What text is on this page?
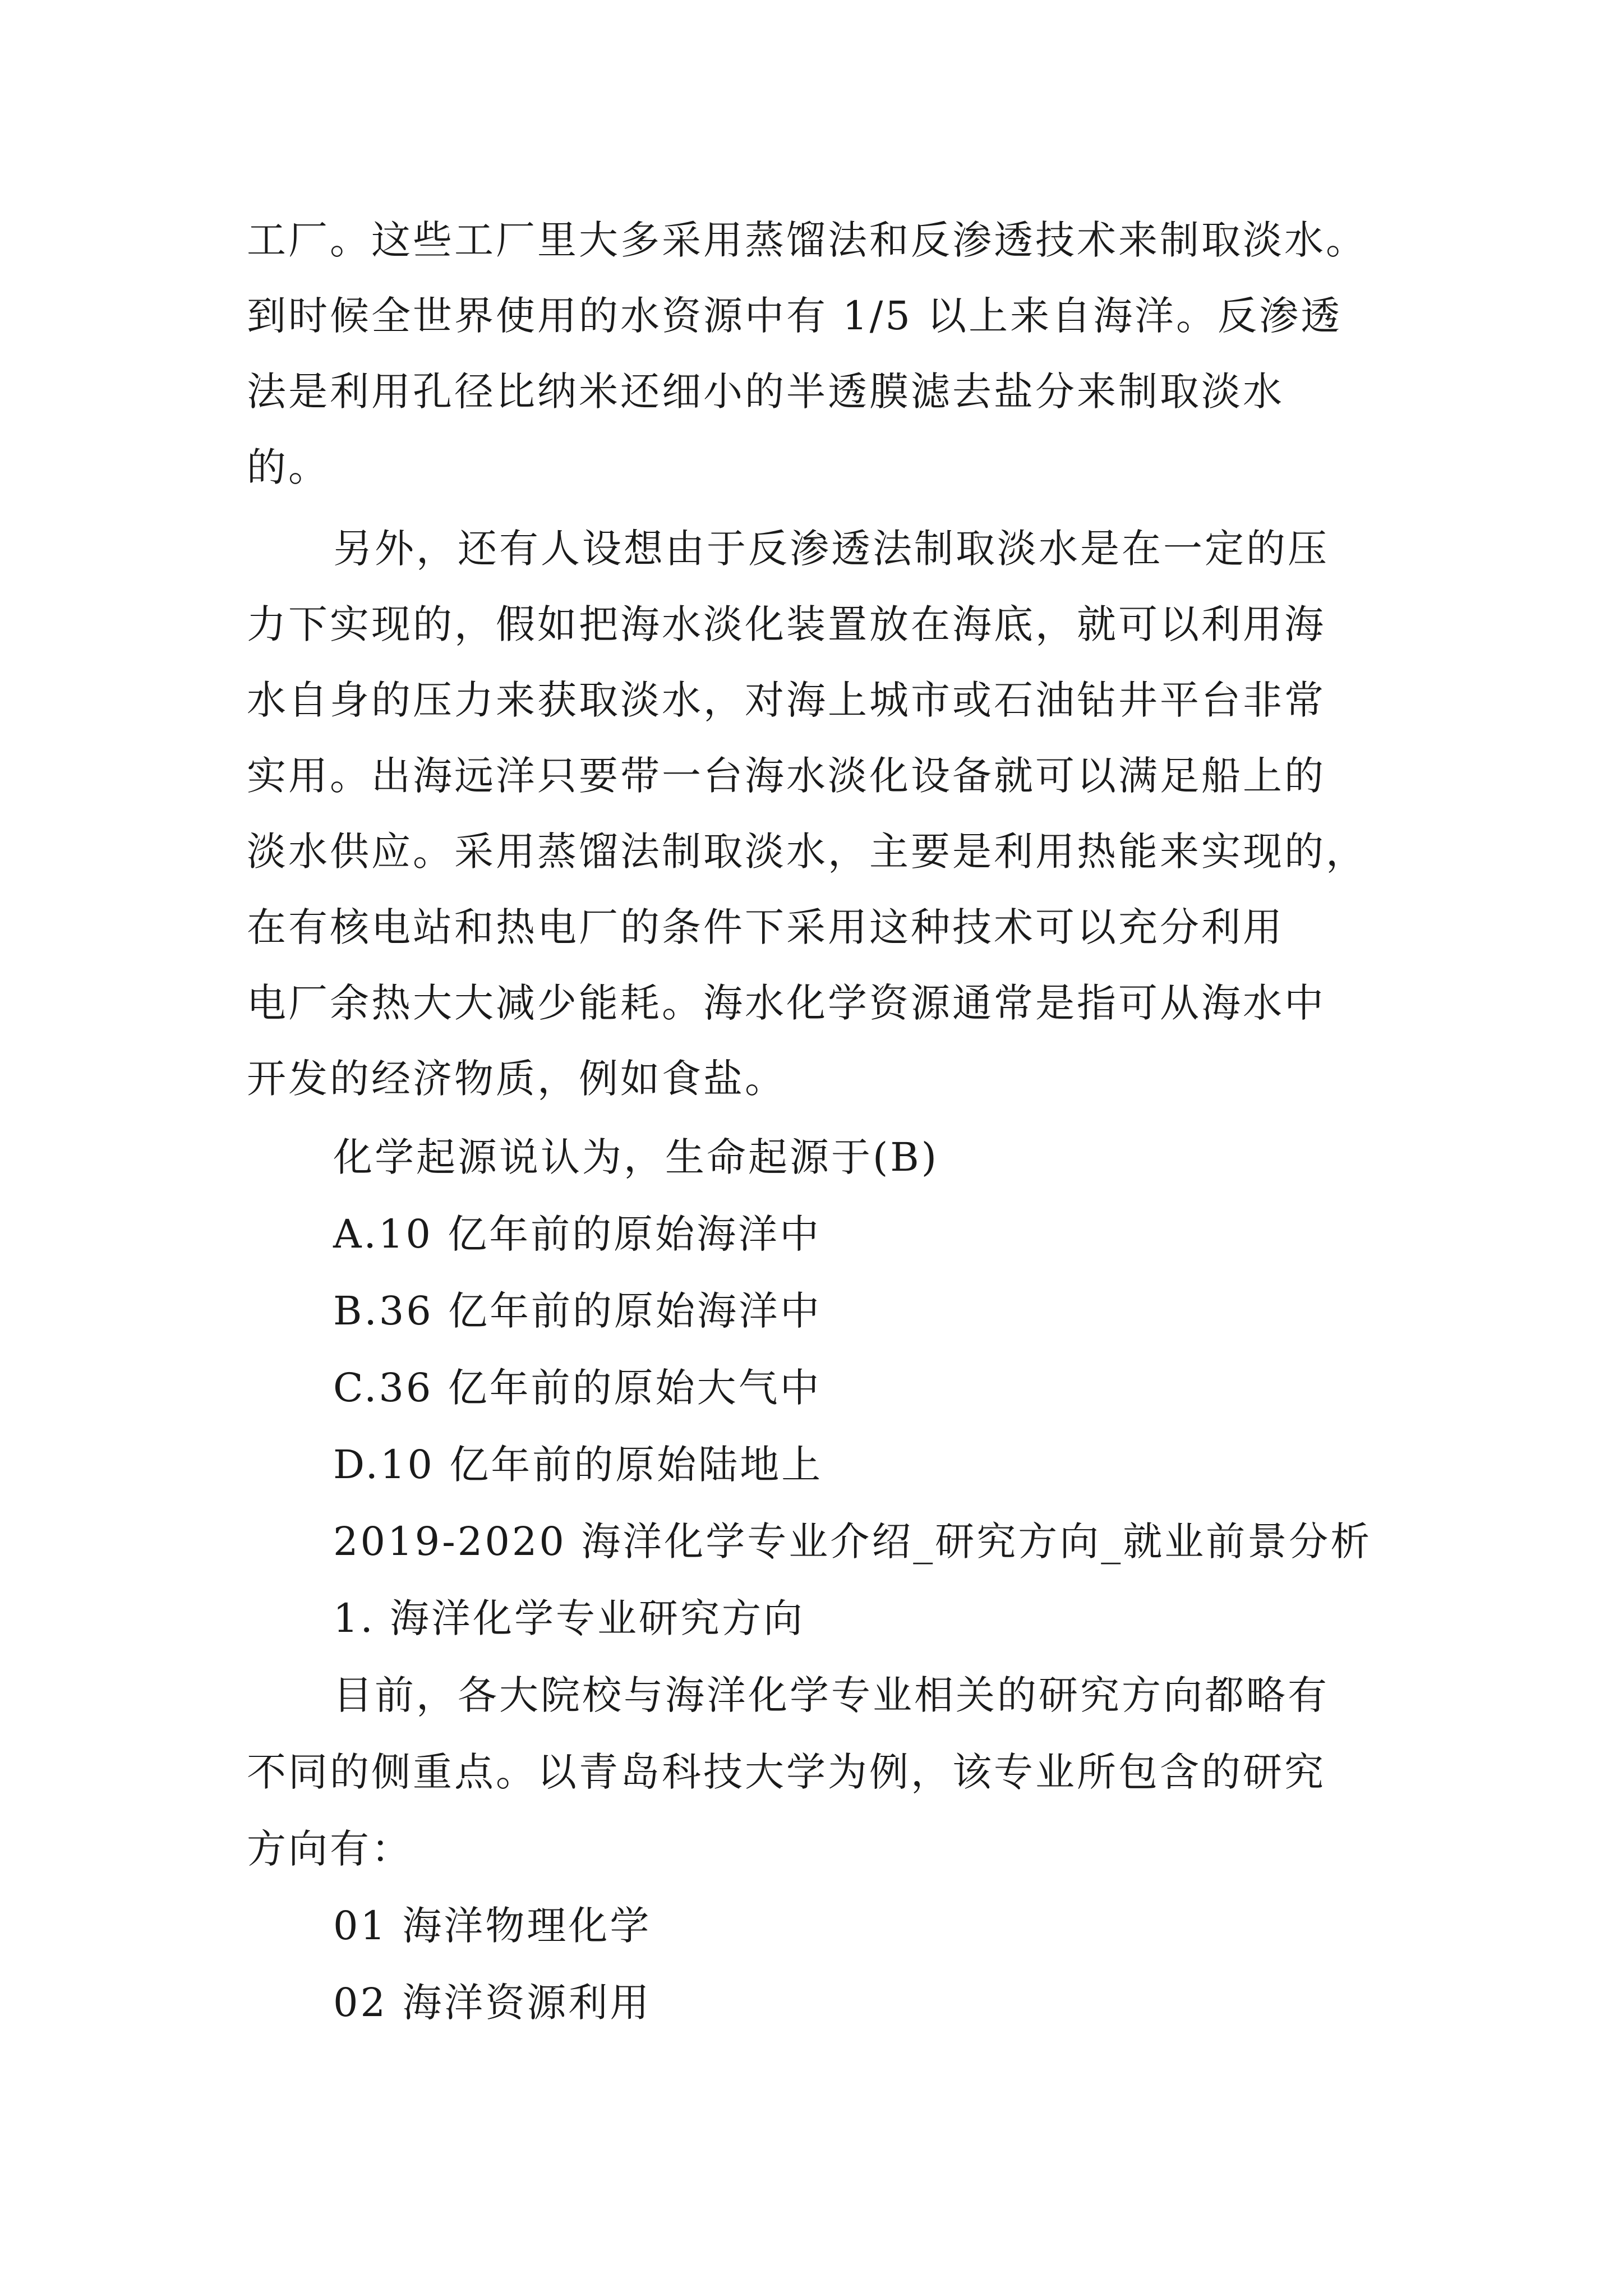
工厂。这些工厂里大多采用蒸馏法和反渗透技术来制取淡水。
到时候全世界使用的水资源中有 1/5 以上来自海洋。反渗透
法是利用孔径比纳米还细小的半透膜滤去盐分来制取淡水
的。
另外，还有人设想由于反渗透法制取淡水是在一定的压
力下实现的，假如把海水淡化装置放在海底，就可以利用海
水自身的压力来获取淡水，对海上城市或石油钻井平台非常
实用。出海远洋只要带一台海水淡化设备就可以满足船上的
淡水供应。采用蒸馏法制取淡水，主要是利用热能来实现的，
在有核电站和热电厂的条件下采用这种技术可以充分利用
电厂余热大大减少能耗。海水化学资源通常是指可从海水中
开发的经济物质，例如食盐。
化学起源说认为，生命起源于(B)
A.10 亿年前的原始海洋中
B.36 亿年前的原始海洋中
C.36 亿年前的原始大气中
D.10 亿年前的原始陆地上
2019-2020 海洋化学专业介绍_研究方向_就业前景分析
1. 海洋化学专业研究方向
目前，各大院校与海洋化学专业相关的研究方向都略有
不同的侧重点。以青岛科技大学为例，该专业所包含的研究
方向有：
01 海洋物理化学
02 海洋资源利用
